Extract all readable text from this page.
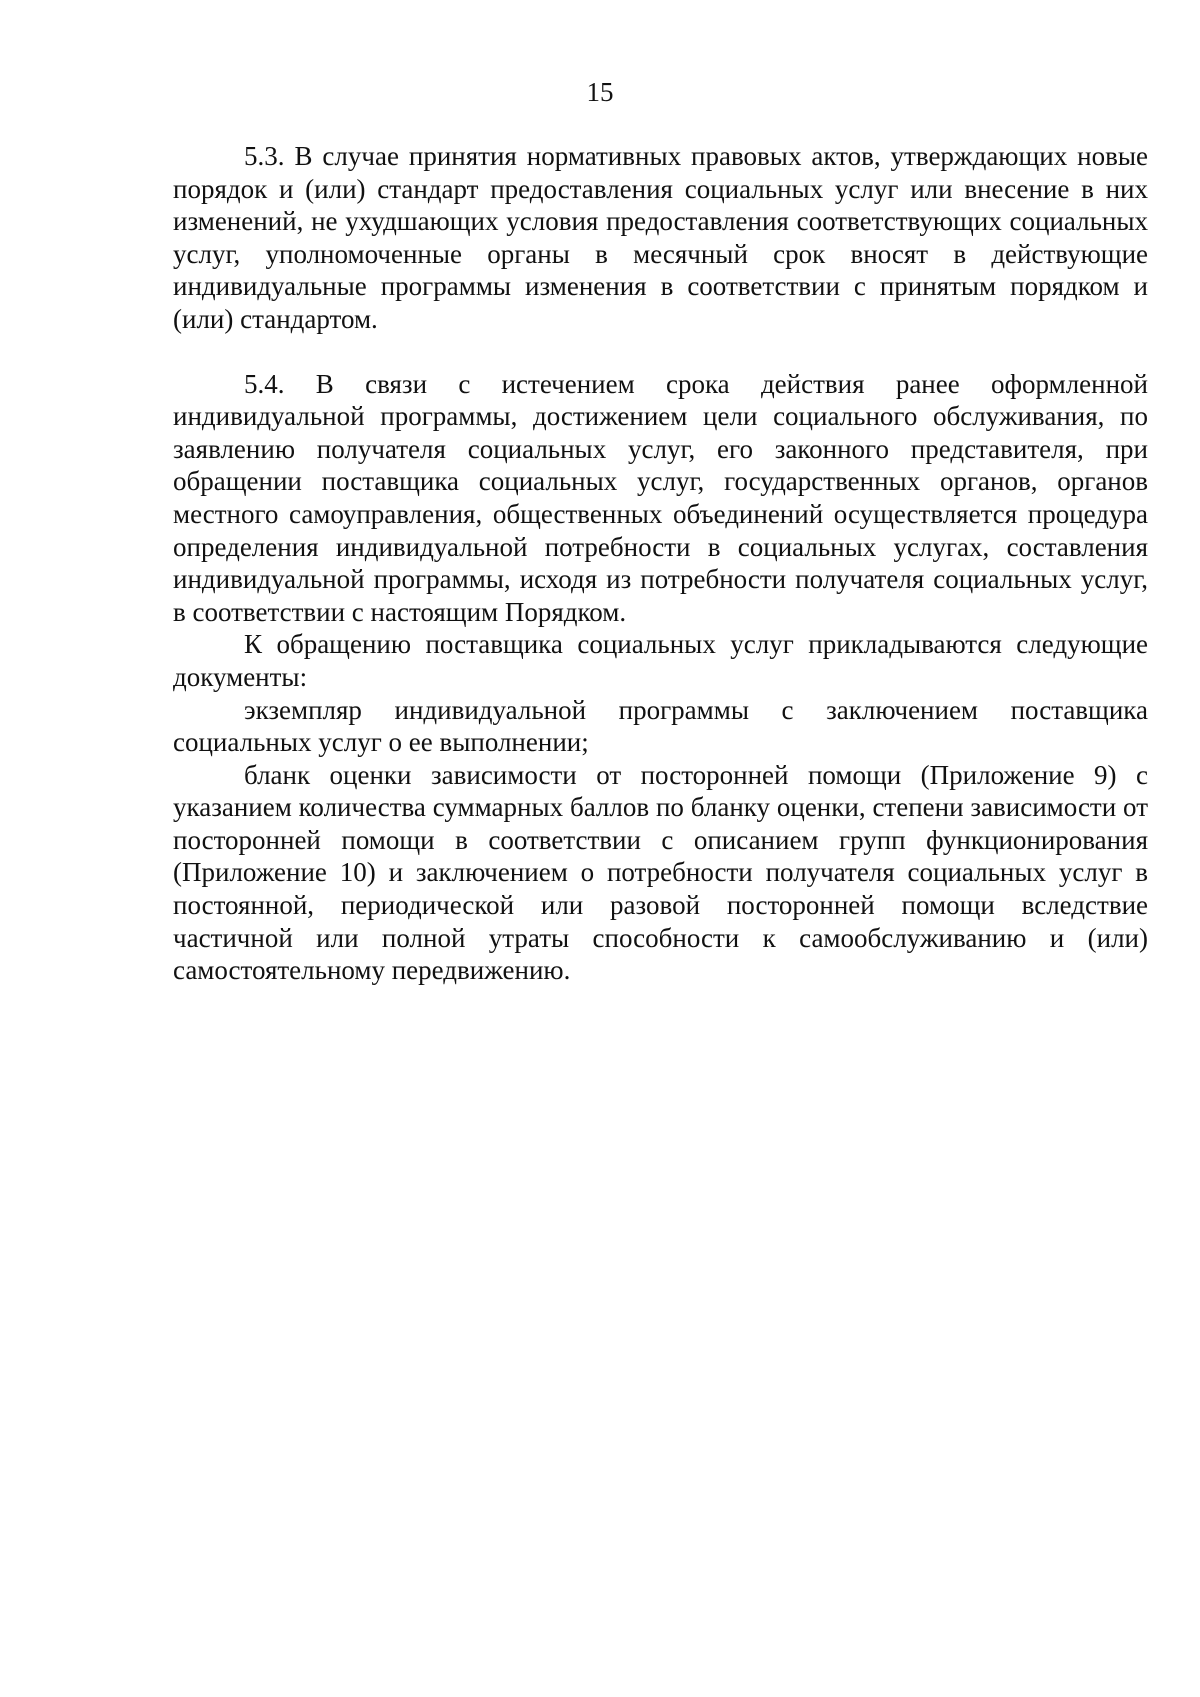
15

5.3. В случае принятия нормативных правовых актов, утверждающих новые порядок и (или) стандарт предоставления социальных услуг или внесение в них изменений, не ухудшающих условия предоставления соответствующих социальных услуг, уполномоченные органы в месячный срок вносят в действующие индивидуальные программы изменения в соответствии с принятым порядком и (или) стандартом.

5.4. В связи с истечением срока действия ранее оформленной индивидуальной программы, достижением цели социального обслуживания, по заявлению получателя социальных услуг, его законного представителя, при обращении поставщика социальных услуг, государственных органов, органов местного самоуправления, общественных объединений осуществляется процедура определения индивидуальной потребности в социальных услугах, составления индивидуальной программы, исходя из потребности получателя социальных услуг, в соответствии с настоящим Порядком.

К обращению поставщика социальных услуг прикладываются следующие документы:

экземпляр индивидуальной программы с заключением поставщика социальных услуг о ее выполнении;

бланк оценки зависимости от посторонней помощи (Приложение 9) с указанием количества суммарных баллов по бланку оценки, степени зависимости от посторонней помощи в соответствии с описанием групп функционирования (Приложение 10) и заключением о потребности получателя социальных услуг в постоянной, периодической или разовой посторонней помощи вследствие частичной или полной утраты способности к самообслуживанию и (или) самостоятельному передвижению.
